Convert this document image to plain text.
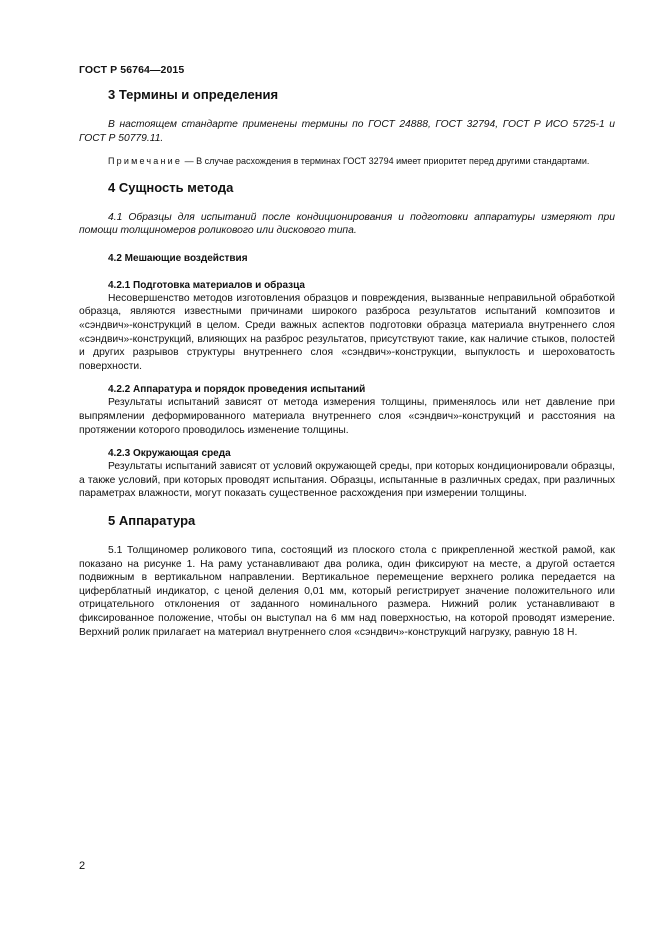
ГОСТ Р 56764—2015
3 Термины и определения

В настоящем стандарте применены термины по ГОСТ 24888, ГОСТ 32794, ГОСТ Р ИСО 5725-1 и ГОСТ Р 50779.11.

Примечание — В случае расхождения в терминах ГОСТ 32794 имеет приоритет перед другими стандартами.

4 Сущность метода

4.1 Образцы для испытаний после кондиционирования и подготовки аппаратуры измеряют при помощи толщиномеров роликового или дискового типа.

4.2 Мешающие воздействия
4.2.1 Подготовка материалов и образца

Несовершенство методов изготовления образцов и повреждения, вызванные неправильной обработкой образца, являются известными причинами широкого разброса результатов испытаний композитов и «сэндвич»-конструкций в целом. Среди важных аспектов подготовки образца материала внутреннего слоя «сэндвич»-конструкций, влияющих на разброс результатов, присутствуют такие, как наличие стыков, полостей и других разрывов структуры внутреннего слоя «сэндвич»-конструкции, выпуклость и шероховатость поверхности.

4.2.2 Аппаратура и порядок проведения испытаний

Результаты испытаний зависят от метода измерения толщины, применялось или нет давление при выпрямлении деформированного материала внутреннего слоя «сэндвич»-конструкций и расстояния на протяжении которого проводилось изменение толщины.

4.2.3 Окружающая среда

Результаты испытаний зависят от условий окружающей среды, при которых кондиционировали образцы, а также условий, при которых проводят испытания. Образцы, испытанные в различных средах, при различных параметрах влажности, могут показать существенное расхождения при измерении толщины.

5 Аппаратура

5.1 Толщиномер роликового типа, состоящий из плоского стола с прикрепленной жесткой рамой, как показано на рисунке 1. На раму устанавливают два ролика, один фиксируют на месте, а другой остается подвижным в вертикальном направлении. Вертикальное перемещение верхнего ролика передается на циферблатный индикатор, с ценой деления 0,01 мм, который регистрирует значение положительного или отрицательного отклонения от заданного номинального размера. Нижний ролик устанавливают в фиксированное положение, чтобы он выступал на 6 мм над поверхностью, на которой проводят измерение. Верхний ролик прилагает на материал внутреннего слоя «сэндвич»-конструкций нагрузку, равную 18 Н.

2
